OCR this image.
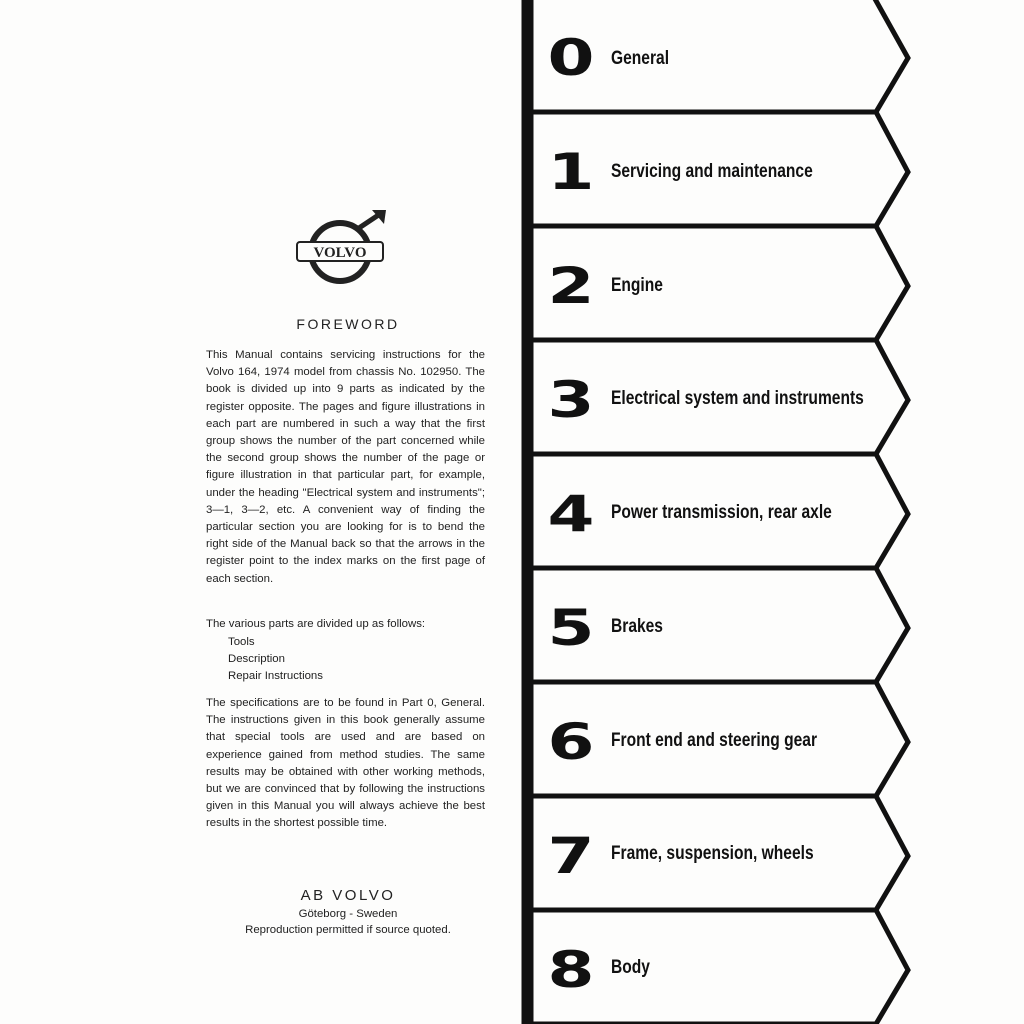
VOLVO
FOREWORD

This Manual contains servicing instructions for the Volvo 164, 1974 model from chassis No. 102950. The book is divided up into 9 parts as indicated by the register opposite. The pages and figure illustrations in each part are numbered in such a way that the first group shows the number of the part concerned while the second group shows the number of the page or figure illustration in that particular part, for example, under the heading "Electrical system and instruments"; 3—1, 3—2, etc. A convenient way of finding the particular section you are looking for is to bend the right side of the Manual back so that the arrows in the register point to the index marks on the first page of each section.

The various parts are divided up as follows:

Tools
Description
Repair Instructions

The specifications are to be found in Part 0, General. The instructions given in this book generally assume that special tools are used and are based on experience gained from method studies. The same results may be obtained with other working methods, but we are convinced that by following the instructions given in this Manual you will always achieve the best results in the shortest possible time.

AB VOLVO
Göteborg - Sweden
Reproduction permitted if source quoted.
0 General
1 Servicing and maintenance
2 Engine
3 Electrical system and instruments
4 Power transmission, rear axle
5 Brakes
6 Front end and steering gear
7 Frame, suspension, wheels
8 Body
